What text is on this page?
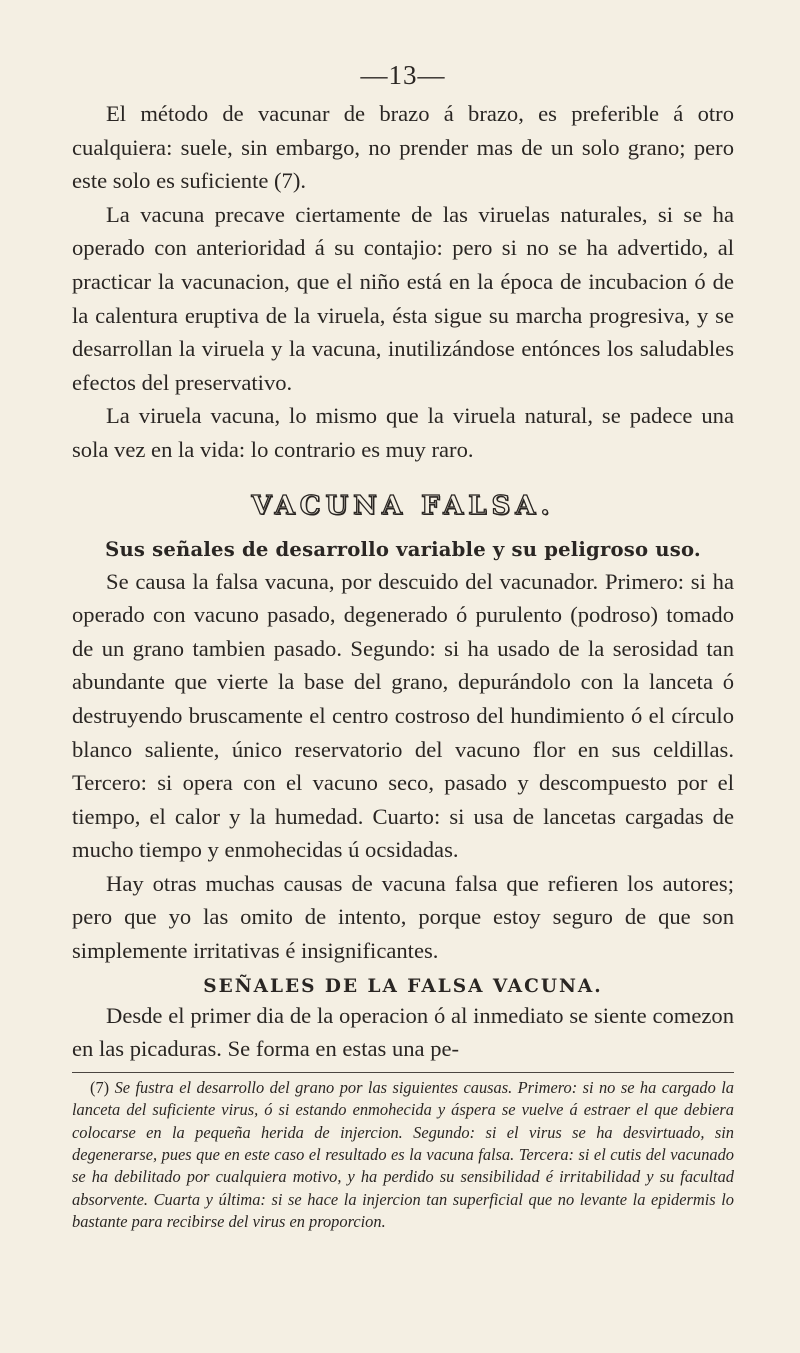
—13—

El método de vacunar de brazo á brazo, es preferible á otro cualquiera: suele, sin embargo, no prender mas de un solo grano; pero este solo es suficiente (7).

La vacuna precave ciertamente de las viruelas naturales, si se ha operado con anterioridad á su contajio: pero si no se ha advertido, al practicar la vacunacion, que el niño está en la época de incubacion ó de la calentura eruptiva de la viruela, ésta sigue su marcha progresiva, y se desarrollan la viruela y la vacuna, inutilizándose entónces los saludables efectos del preservativo.

La viruela vacuna, lo mismo que la viruela natural, se padece una sola vez en la vida: lo contrario es muy raro.

VACUNA FALSA.
Sus señales de desarrollo variable y su peligroso uso.

Se causa la falsa vacuna, por descuido del vacunador. Primero: si ha operado con vacuno pasado, degenerado ó purulento (podroso) tomado de un grano tambien pasado. Segundo: si ha usado de la serosidad tan abundante que vierte la base del grano, depurándolo con la lanceta ó destruyendo bruscamente el centro costroso del hundimiento ó el círculo blanco saliente, único reservatorio del vacuno flor en sus celdillas. Tercero: si opera con el vacuno seco, pasado y descompuesto por el tiempo, el calor y la humedad. Cuarto: si usa de lancetas cargadas de mucho tiempo y enmohecidas ú ocsidadas.

Hay otras muchas causas de vacuna falsa que refieren los autores; pero que yo las omito de intento, porque estoy seguro de que son simplemente irritativas é insignificantes.

SEÑALES DE LA FALSA VACUNA.

Desde el primer dia de la operacion ó al inmediato se siente comezon en las picaduras. Se forma en estas una pe-

(7) Se fustra el desarrollo del grano por las siguientes causas. Primero: si no se ha cargado la lanceta del suficiente virus, ó si estando enmohecida y áspera se vuelve á estraer el que debiera colocarse en la pequeña herida de injercion. Segundo: si el virus se ha desvirtuado, sin degenerarse, pues que en este caso el resultado es la vacuna falsa. Tercera: si el cutis del vacunado se ha debilitado por cualquiera motivo, y ha perdido su sensibilidad é irritabilidad y su facultad absorvente. Cuarta y última: si se hace la injercion tan superficial que no levante la epidermis lo bastante para recibirse del virus en proporcion.
